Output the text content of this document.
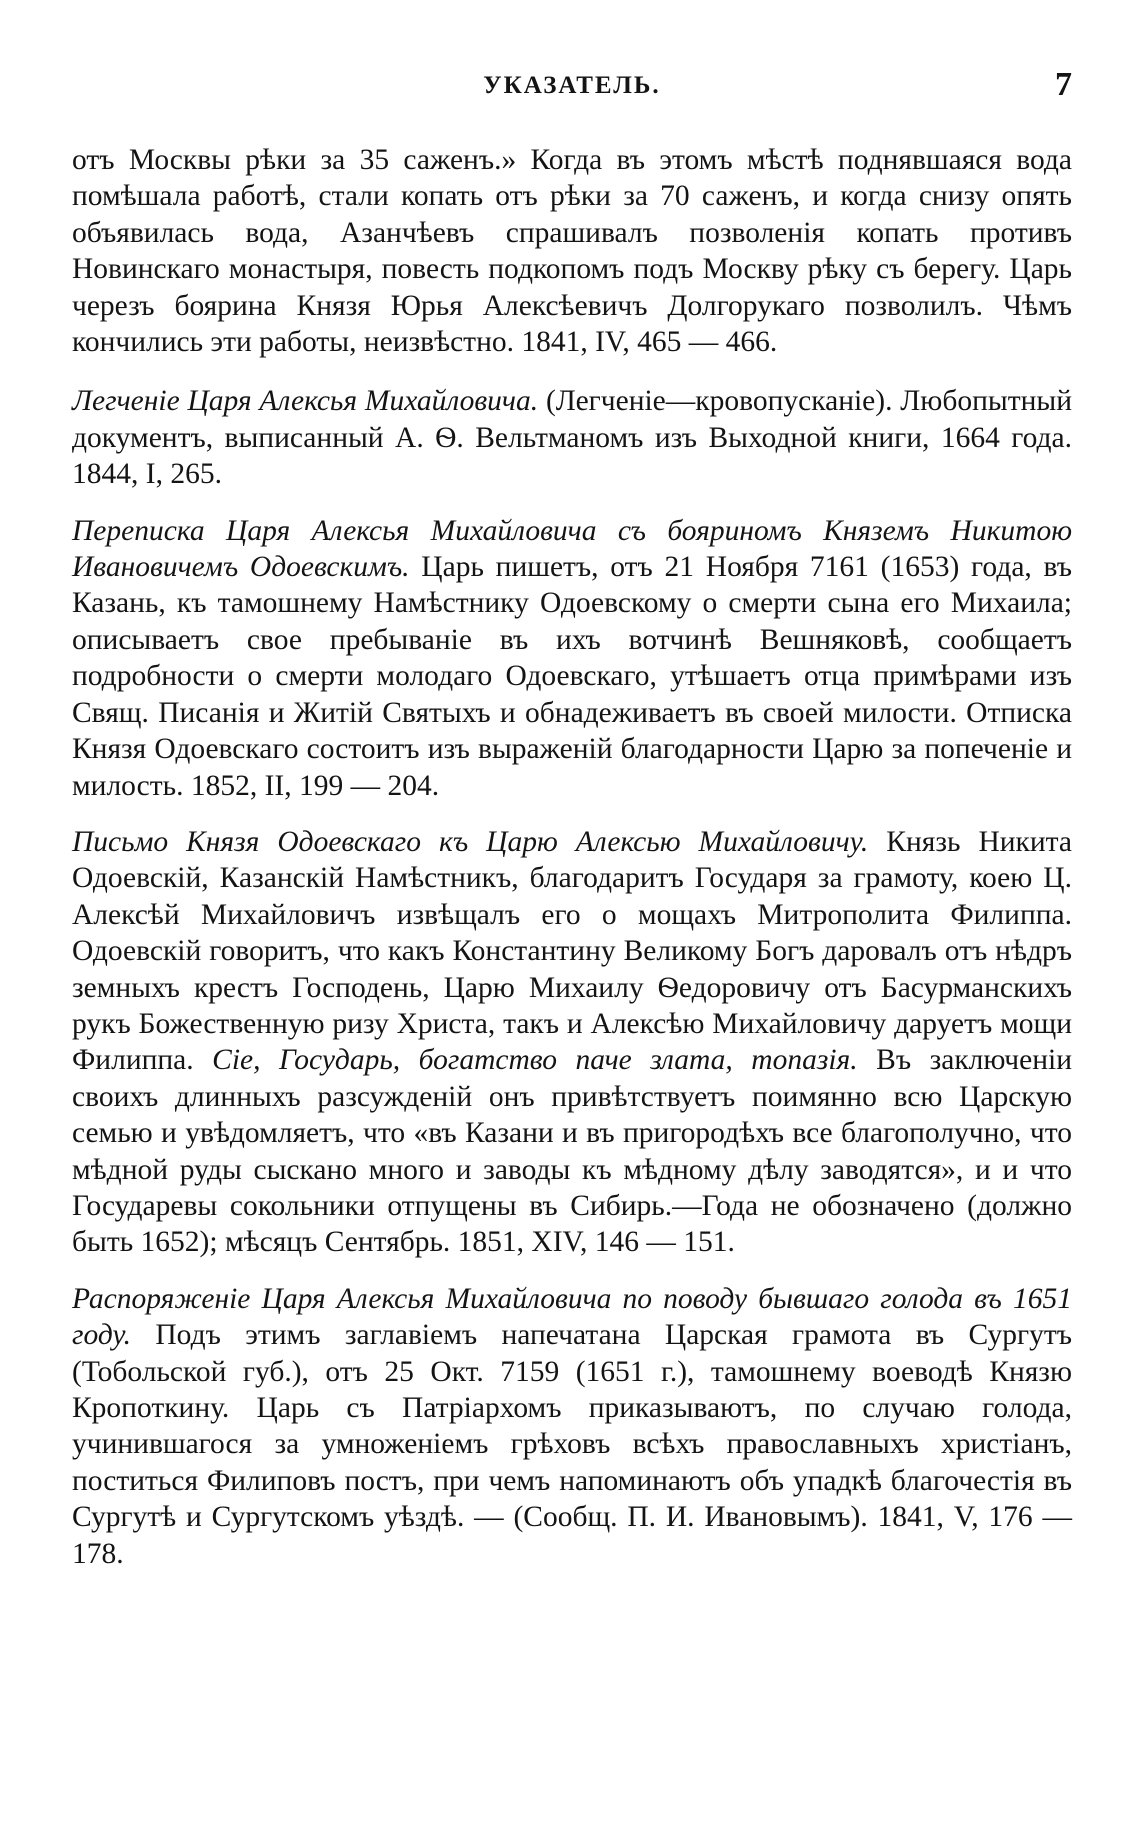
УКАЗАТЕЛЬ.	7

отъ Москвы рѣки за 35 саженъ.» Когда въ этомъ мѣстѣ поднявшаяся вода помѣшала работѣ, стали копать отъ рѣки за 70 саженъ, и когда снизу опять объявилась вода, Азанчѣевъ спрашивалъ позволенія копать противъ Новинскаго монастыря, повесть подкопомъ подъ Москву рѣку съ берегу. Царь черезъ боярина Князя Юрья Алексѣевичъ Долгорукаго позволилъ. Чѣмъ кончились эти работы, неизвѣстно. 1841, IV, 465 — 466.

Легченіе Царя Алексья Михайловича. (Легченіе—кровопусканіе). Любопытный документъ, выписанный А. Ѳ. Вельтманомъ изъ Выходной книги, 1664 года. 1844, I, 265.

Переписка Царя Алексья Михайловича съ бояриномъ Княземъ Никитою Ивановичемъ Одоевскимъ. Царь пишетъ, отъ 21 Ноября 7161 (1653) года, въ Казань, къ тамошнему Намѣстнику Одоевскому о смерти сына его Михаила; описываетъ свое пребываніе въ ихъ вотчинѣ Вешняковѣ, сообщаетъ подробности о смерти молодаго Одоевскаго, утѣшаетъ отца примѣрами изъ Свящ. Писанія и Житій Святыхъ и обнадеживаетъ въ своей милости. Отписка Князя Одоевскаго состоитъ изъ выраженій благодарности Царю за попеченіе и милость. 1852, II, 199 — 204.

Письмо Князя Одоевскаго къ Царю Алексью Михайловичу. Князь Никита Одоевскій, Казанскій Намѣстникъ, благодаритъ Государя за грамоту, коею Ц. Алексѣй Михайловичъ извѣщалъ его о мощахъ Митрополита Филиппа. Одоевскій говоритъ, что какъ Константину Великому Богъ даровалъ отъ нѣдръ земныхъ крестъ Господень, Царю Михаилу Ѳедоровичу отъ Басурманскихъ рукъ Божественную ризу Христа, такъ и Алексѣю Михайловичу даруетъ мощи Филиппа. Сіе, Государь, богатство паче злата, топазія. Въ заключеніи своихъ длинныхъ разсужденій онъ привѣтствуетъ поимянно всю Царскую семью и увѣдомляетъ, что «въ Казани и въ пригородѣхъ все благополучно, что мѣдной руды сыскано много и заводы къ мѣдному дѣлу заводятся», и и что Государевы сокольники отпущены въ Сибирь.—Года не обозначено (должно быть 1652); мѣсяцъ Сентябрь. 1851, XIV, 146 — 151.

Распоряженіе Царя Алексья Михайловича по поводу бывшаго голода въ 1651 году. Подъ этимъ заглавіемъ напечатана Царская грамота въ Сургутъ (Тобольской губ.), отъ 25 Окт. 7159 (1651 г.), тамошнему воеводѣ Князю Кропоткину. Царь съ Патріархомъ приказываютъ, по случаю голода, учинившагося за умноженіемъ грѣховъ всѣхъ православныхъ христіанъ, поститься Филиповъ постъ, при чемъ напоминаютъ объ упадкѣ благочестія въ Сургутѣ и Сургутскомъ уѣздѣ. — (Сообщ. П. И. Ивановымъ). 1841, V, 176 — 178.
